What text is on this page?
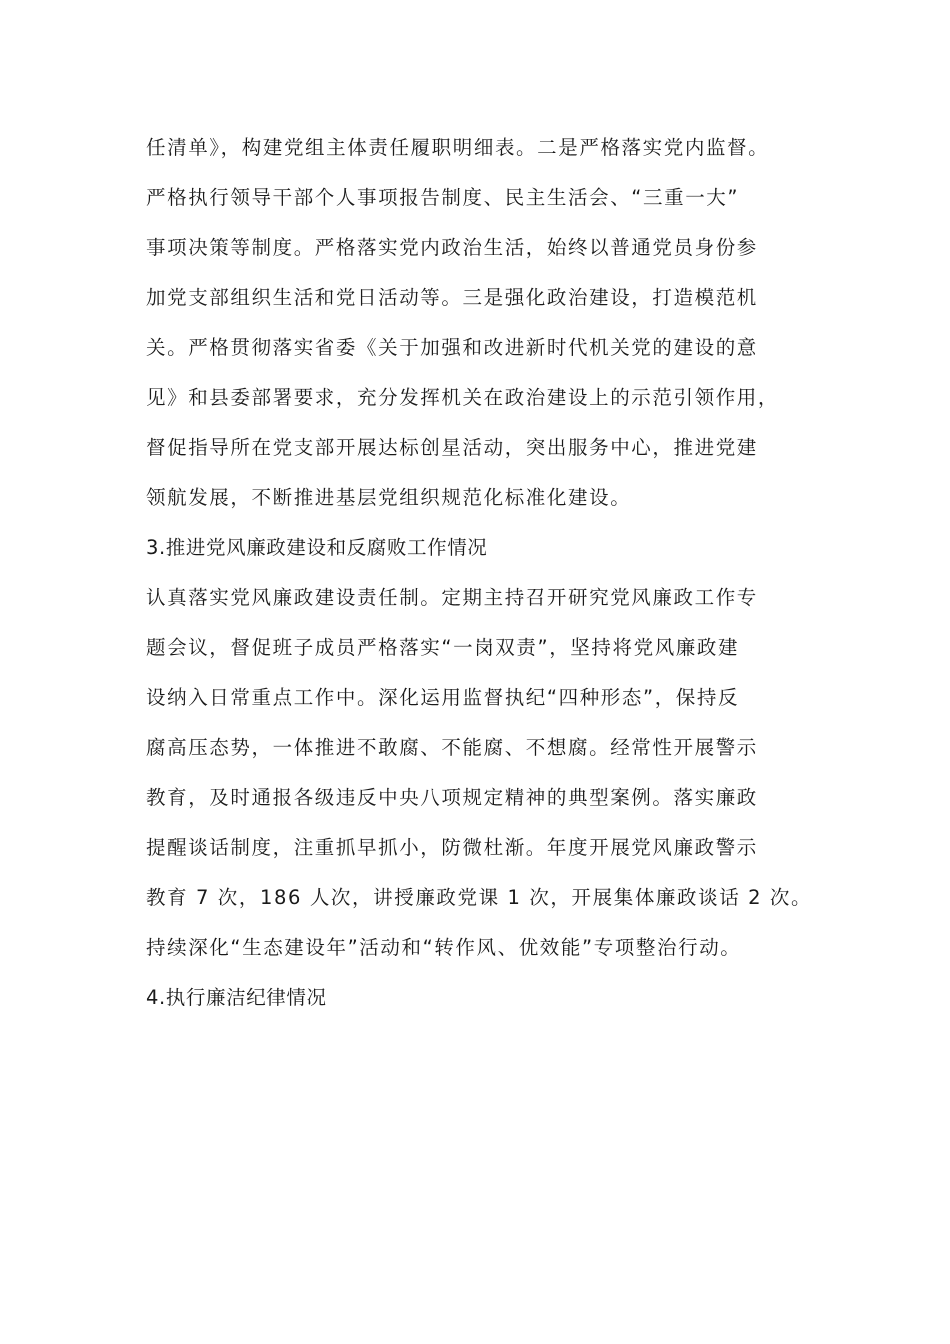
任清单》，构建党组主体责任履职明细表。二是严格落实党内监督。
严格执行领导干部个人事项报告制度、民主生活会、“三重一大”
事项决策等制度。严格落实党内政治生活，始终以普通党员身份参
加党支部组织生活和党日活动等。三是强化政治建设，打造模范机
关。严格贯彻落实省委《关于加强和改进新时代机关党的建设的意
见》和县委部署要求，充分发挥机关在政治建设上的示范引领作用，
督促指导所在党支部开展达标创星活动，突出服务中心，推进党建
领航发展，不断推进基层党组织规范化标准化建设。
3.推进党风廉政建设和反腐败工作情况
认真落实党风廉政建设责任制。定期主持召开研究党风廉政工作专
题会议，督促班子成员严格落实“一岗双责”，坚持将党风廉政建
设纳入日常重点工作中。深化运用监督执纪“四种形态”，保持反
腐高压态势，一体推进不敢腐、不能腐、不想腐。经常性开展警示
教育，及时通报各级违反中央八项规定精神的典型案例。落实廉政
提醒谈话制度，注重抓早抓小，防微杜渐。年度开展党风廉政警示
教育 7 次，186 人次，讲授廉政党课 1 次，开展集体廉政谈话 2 次。
持续深化“生态建设年”活动和“转作风、优效能”专项整治行动。
4.执行廉洁纪律情况
